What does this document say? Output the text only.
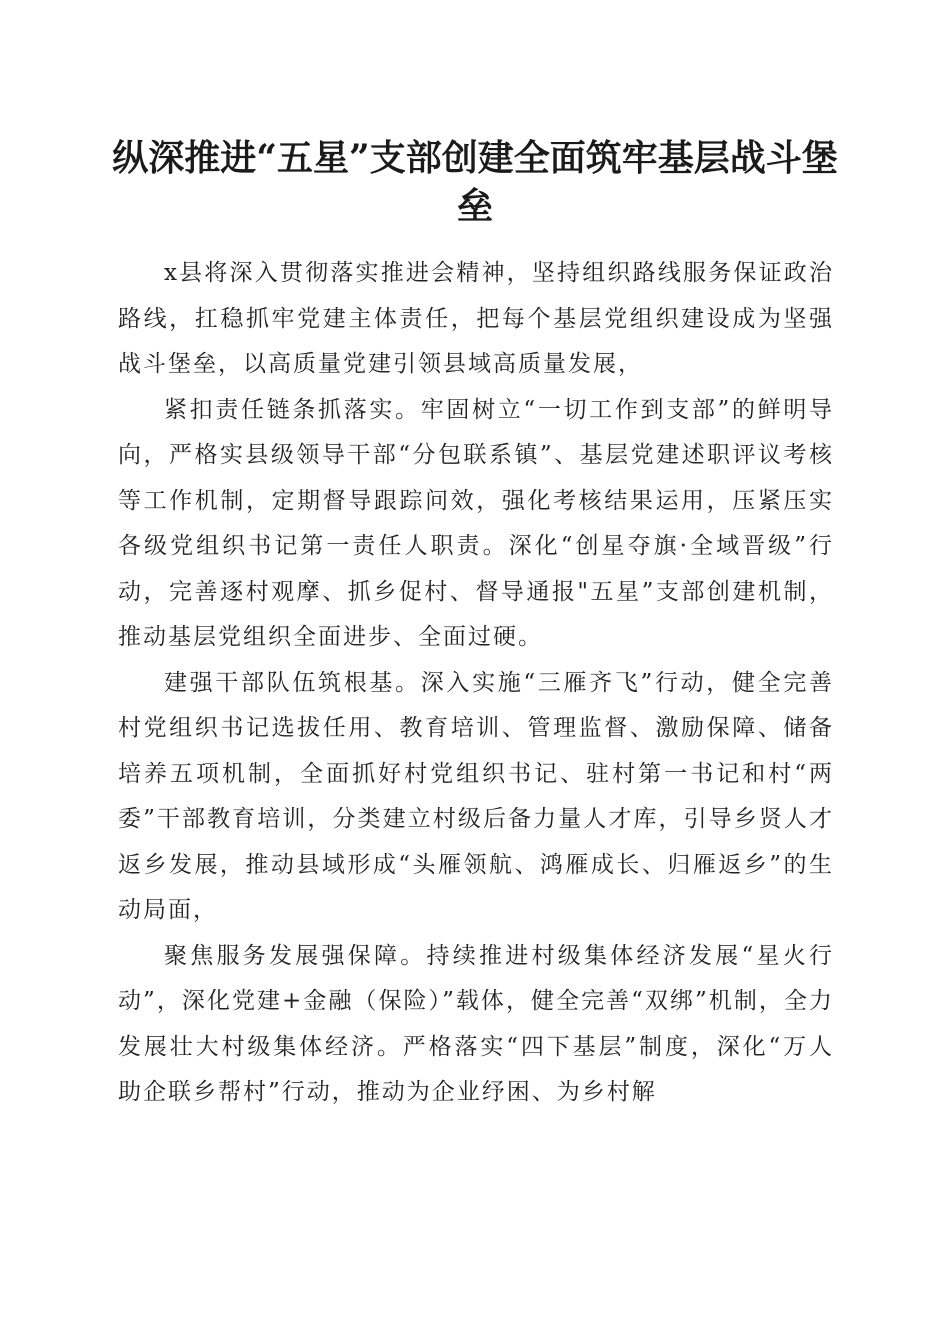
纵深推进“五星”支部创建全面筑牢基层战斗堡垒

x县将深入贯彻落实推进会精神，坚持组织路线服务保证政治路线，扛稳抓牢党建主体责任，把每个基层党组织建设成为坚强战斗堡垒，以高质量党建引领县域高质量发展，

紧扣责任链条抓落实。牢固树立“一切工作到支部”的鲜明导向，严格实县级领导干部“分包联系镇”、基层党建述职评议考核等工作机制，定期督导跟踪问效，强化考核结果运用，压紧压实各级党组织书记第一责任人职责。深化“创星夺旗·全域晋级”行动，完善逐村观摩、抓乡促村、督导通报"五星”支部创建机制，推动基层党组织全面进步、全面过硬。

建强干部队伍筑根基。深入实施“三雁齐飞”行动，健全完善村党组织书记选拔任用、教育培训、管理监督、激励保障、储备培养五项机制，全面抓好村党组织书记、驻村第一书记和村“两委”干部教育培训，分类建立村级后备力量人才库，引导乡贤人才返乡发展，推动县域形成“头雁领航、鸿雁成长、归雁返乡”的生动局面，

聚焦服务发展强保障。持续推进村级集体经济发展“星火行动”，深化党建+金融（保险）”载体，健全完善“双绑”机制，全力发展壮大村级集体经济。严格落实“四下基层”制度，深化“万人助企联乡帮村”行动，推动为企业纾困、为乡村解
